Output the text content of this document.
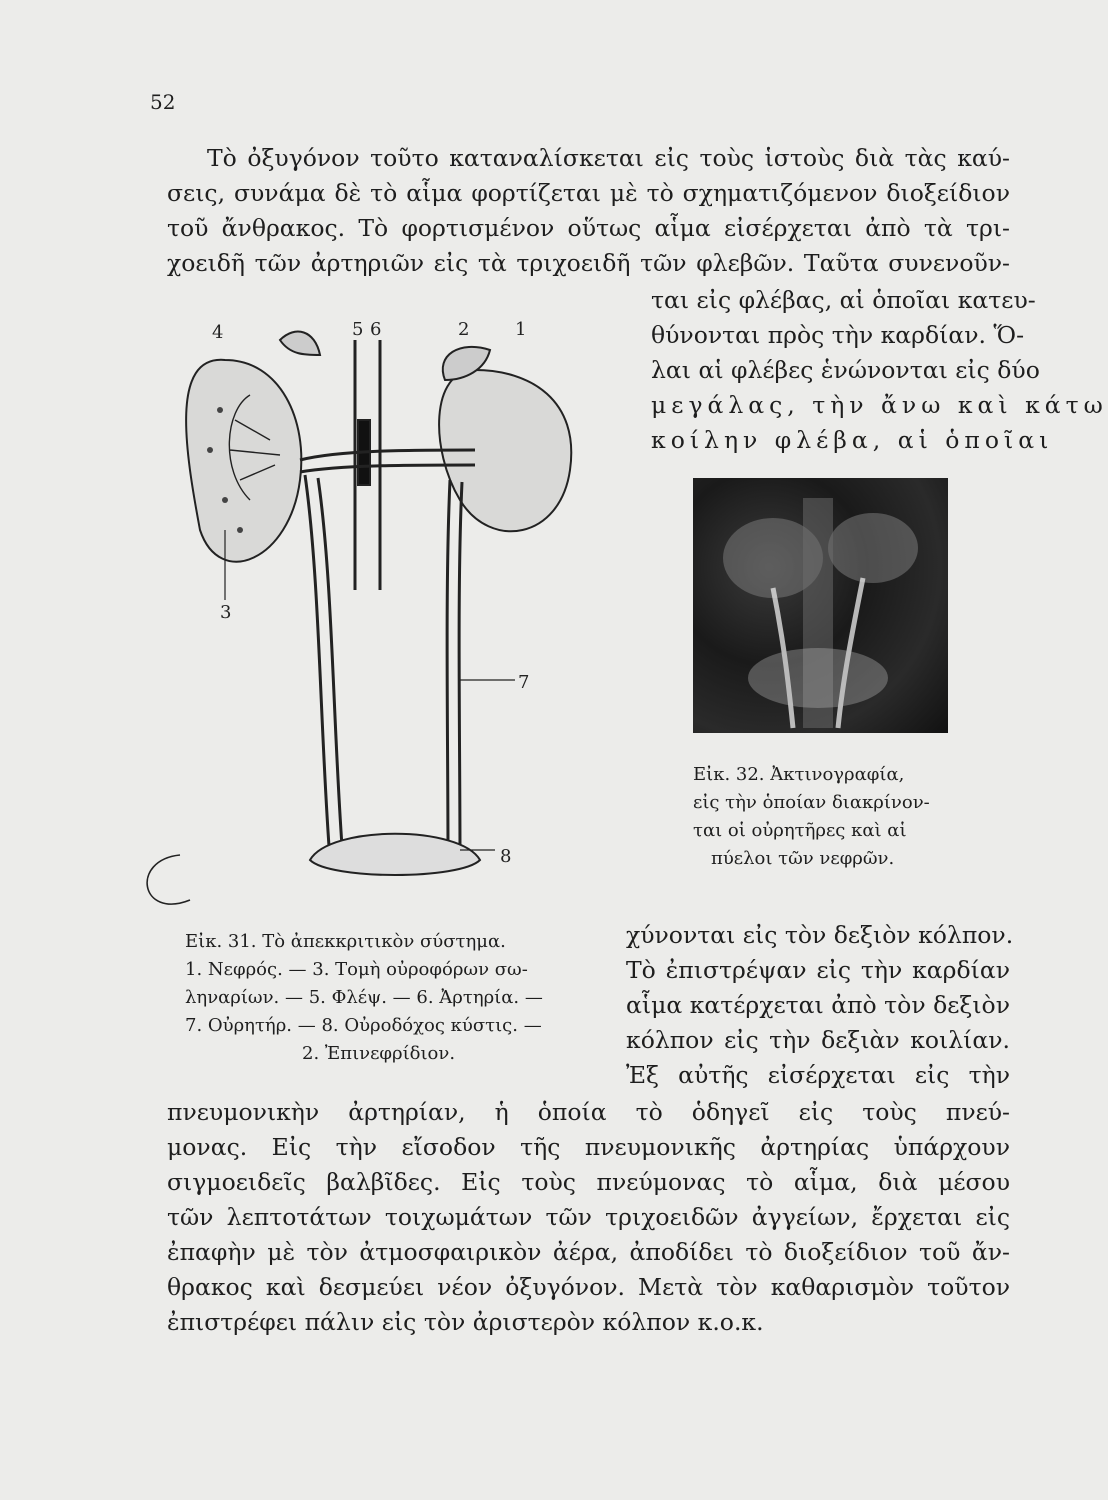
52
Τὸ ὀξυγόνον τοῦτο καταναλίσκεται εἰς τοὺς ἱστοὺς διὰ τὰς καύ-
σεις, συνάμα δὲ τὸ αἷμα φορτίζεται μὲ τὸ σχηματιζόμενον διοξείδιον
τοῦ ἄνθρακος. Τὸ φορτισμένον οὕτως αἷμα εἰσέρχεται ἀπὸ τὰ τρι-
χοειδῆ τῶν ἀρτηριῶν εἰς τὰ τριχοειδῆ τῶν φλεβῶν. Ταῦτα συνενοῦν-
ται εἰς φλέβας, αἱ ὁποῖαι κατευ-
θύνονται πρὸς τὴν καρδίαν. Ὅ-
λαι αἱ φλέβες ἑνώνονται εἰς δύο
μεγάλας, τὴν ἄνω καὶ κάτω
κοίλην φλέβα, αἱ ὁποῖαι
4	5 6	2	1
3
7
8
Εἰκ. 32. Ἀκτινογραφία,
εἰς τὴν ὁποίαν διακρίνον-
ται οἱ οὐρητῆρες καὶ αἱ
πύελοι τῶν νεφρῶν.
Εἰκ. 31. Τὸ ἀπεκκριτικὸν σύστημα.
1. Νεφρός. — 3. Τομὴ οὐροφόρων σω-
ληναρίων. — 5. Φλέψ. — 6. Ἀρτηρία. —
7. Οὐρητήρ. — 8. Οὐροδόχος κύστις. —
2. Ἐπινεφρίδιον.
χύνονται εἰς τὸν δεξιὸν κόλπον.
Τὸ ἐπιστρέψαν εἰς τὴν καρδίαν
αἷμα κατέρχεται ἀπὸ τὸν δεξιὸν
κόλπον εἰς τὴν δεξιὰν κοιλίαν.
Ἐξ αὐτῆς εἰσέρχεται εἰς τὴν
πνευμονικὴν ἀρτηρίαν, ἡ ὁποία τὸ ὁδηγεῖ εἰς τοὺς πνεύ-
μονας. Εἰς τὴν εἴσοδον τῆς πνευμονικῆς ἀρτηρίας ὑπάρχουν
σιγμοειδεῖς βαλβῖδες. Εἰς τοὺς πνεύμονας τὸ αἷμα, διὰ μέσου
τῶν λεπτοτάτων τοιχωμάτων τῶν τριχοειδῶν ἀγγείων, ἔρχεται εἰς
ἐπαφὴν μὲ τὸν ἀτμοσφαιρικὸν ἀέρα, ἀποδίδει τὸ διοξείδιον τοῦ ἄν-
θρακος καὶ δεσμεύει νέον ὀξυγόνον. Μετὰ τὸν καθαρισμὸν τοῦτον
ἐπιστρέφει πάλιν εἰς τὸν ἀριστερὸν κόλπον κ.ο.κ.
